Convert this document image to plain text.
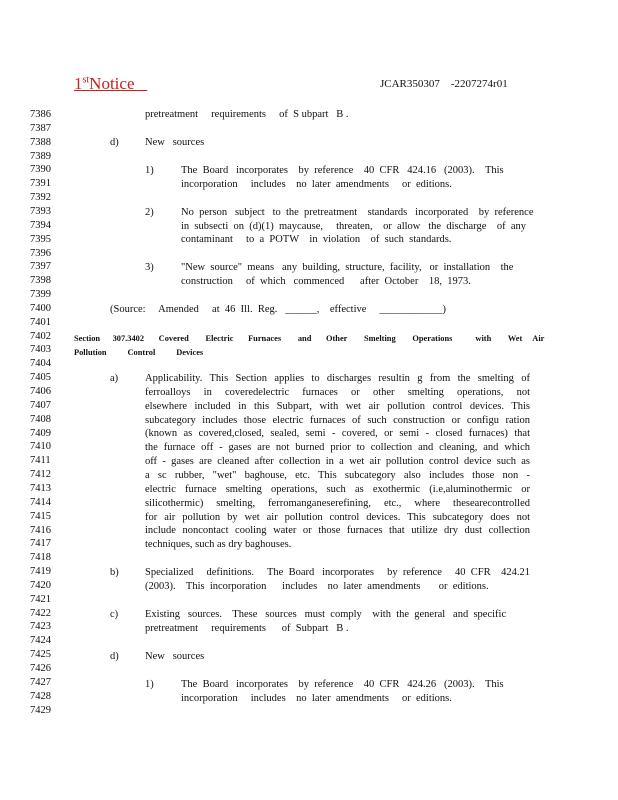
1stNotice	JCAR350307    -2207274r01
7386
7387
7388
7389
7390
7391
7392
7393
7394
7395
7396
7397
7398
7399
7400
7401
7402
7403
7404
7405
7406
7407
7408
7409
7410
7411
7412
7413
7414
7415
7416
7417
7418
7419
7420
7421
7422
7423
7424
7425
7426
7427
7428
7429
pretreatment     requirements     of  S ubpart   B .
d)	New   sources
1)	The  Board   incorporates    by  reference    40  CFR   424.16   (2003).    This
incorporation     includes    no  later  amendments     or  editions.
2)	No  person   subject   to  the  pretreatment    standards   incorporated    by  reference
in  subsecti  on  (d)(1)  maycause,     threaten,    or  allow   the  discharge    of  any
contaminant     to  a  POTW    in  violation    of  such  standards.
3)	"New  source"  means   any  building,  structure,  facility,   or  installation    the
construction     of  which   commenced      after  October    18,  1973.
(Source:     Amended     at  46  Ill.  Reg.   ______,    effective     ____________)
Section      307.3402       Covered        Electric       Furnaces        and       Other        Smelting        Operations           with        Wet     Air
Pollution          Control          Devices
a)	Applicability. This Section applies to discharges resultin g from the smelting of
ferroalloys in coveredelectric furnaces or other smelting operations, not
elsewhere included in this Subpart, with wet air pollution control devices. This
subcategory includes those electric furnaces of such construction or configu ration
(known as covered,closed, sealed, semi - covered, or semi - closed furnaces) that
the furnace off - gases are not burned prior to collection and cleaning, and which
off - gases are cleaned after collection in a wet air pollution control device such as
a sc rubber, "wet" baghouse, etc. This subcategory also includes those non -
electric furnace smelting operations, such as exothermic (i.e,aluminothermic or
silicothermic) smelting, ferromanganeserefining, etc., where thesearecontrolled
for air pollution by wet air pollution control devices. This subcategory does not
include noncontact cooling water or those furnaces that utilize dry dust collection
techniques, such as dry baghouses.
b)	Specialized     definitions.     The  Board   incorporates     by  reference     40  CFR    424.21
(2003).    This  incorporation      includes    no  later  amendments       or  editions.
c)	Existing   sources.    These   sources   must  comply    with  the  general   and  specific
pretreatment     requirements      of  Subpart   B .
d)	New   sources
1)	The  Board   incorporates    by  reference    40  CFR   424.26   (2003).    This
incorporation     includes    no  later  amendments     or  editions.
